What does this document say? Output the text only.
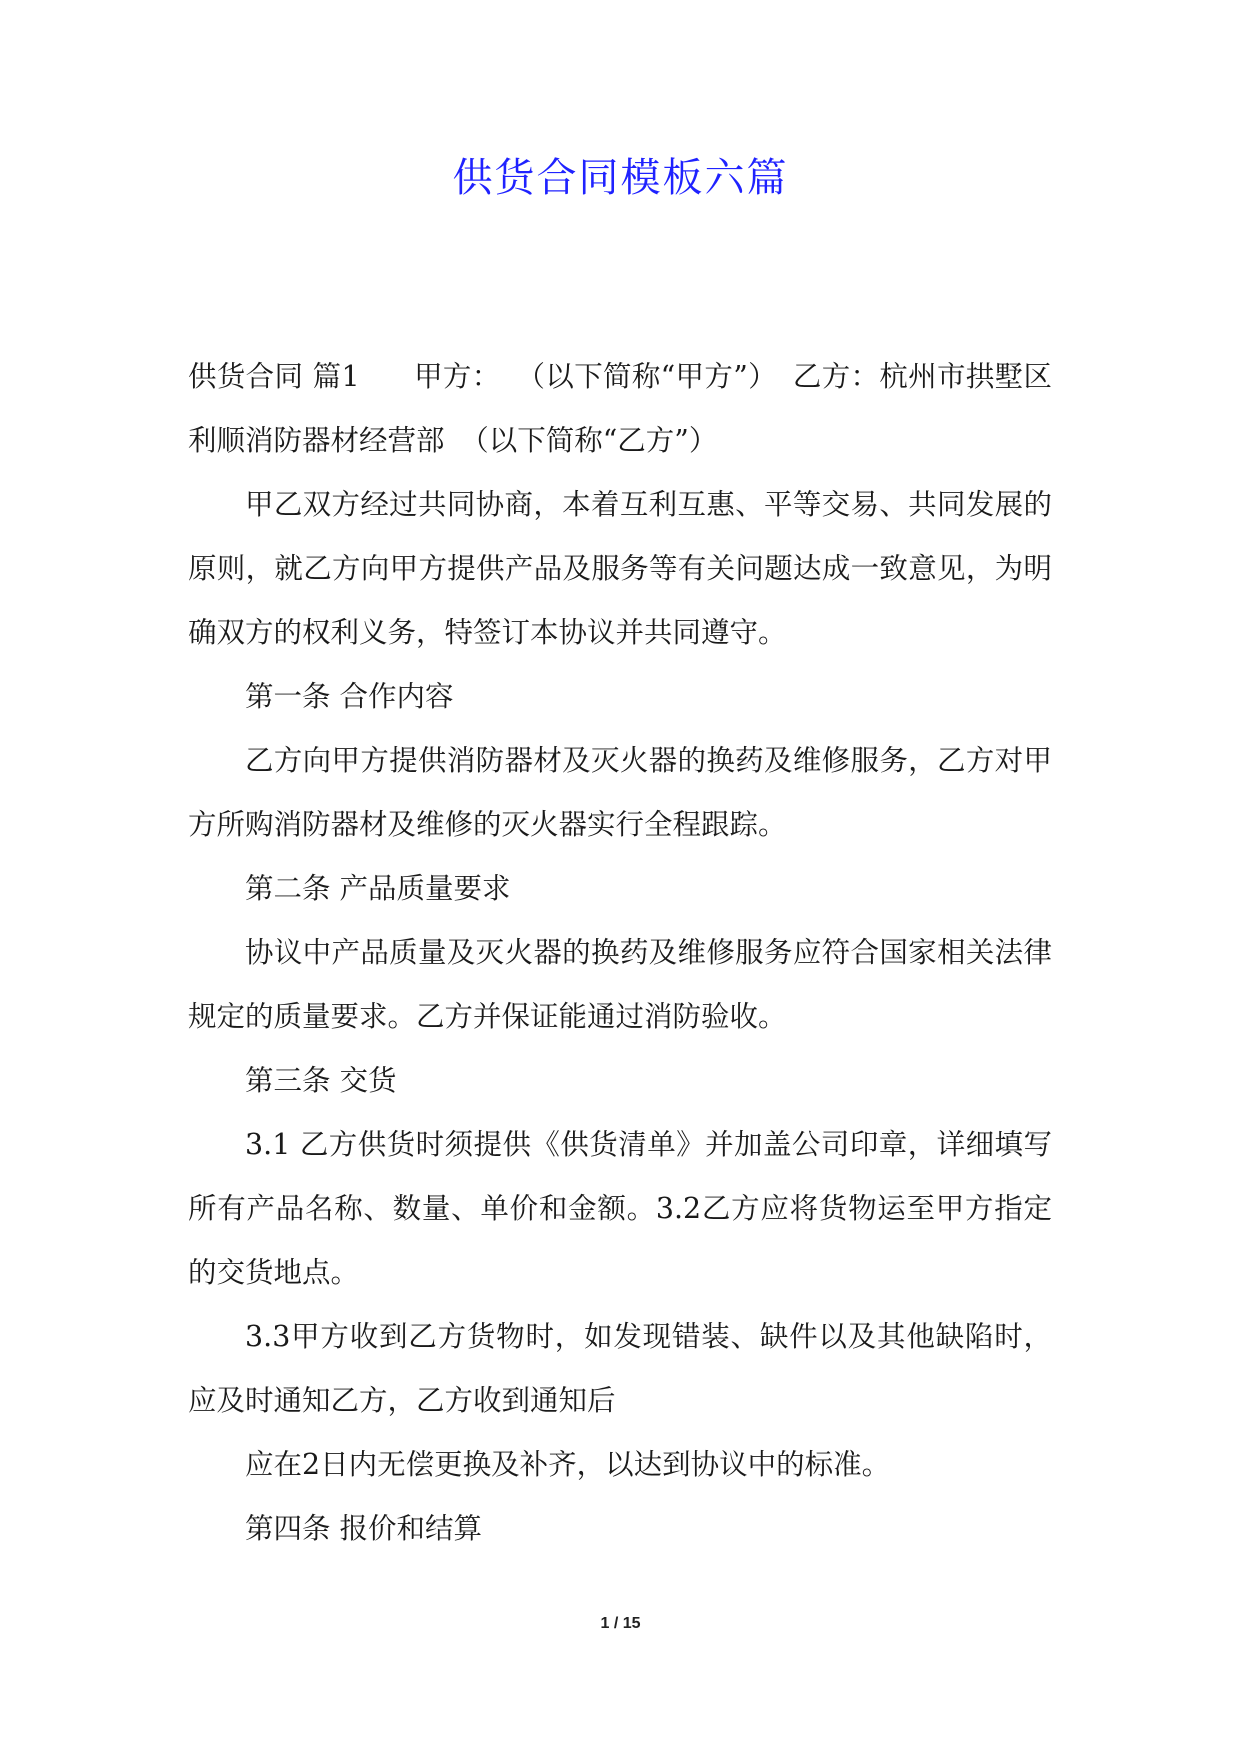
供货合同模板六篇

供货合同 篇1 甲方： （以下简称“甲方”） 乙方：杭州市拱墅区利顺消防器材经营部 （以下简称“乙方”）

甲乙双方经过共同协商，本着互利互惠、平等交易、共同发展的原则，就乙方向甲方提供产品及服务等有关问题达成一致意见，为明确双方的权利义务，特签订本协议并共同遵守。

第一条 合作内容

乙方向甲方提供消防器材及灭火器的换药及维修服务，乙方对甲方所购消防器材及维修的灭火器实行全程跟踪。

第二条 产品质量要求

协议中产品质量及灭火器的换药及维修服务应符合国家相关法律规定的质量要求。乙方并保证能通过消防验收。

第三条 交货

3.1 乙方供货时须提供《供货清单》并加盖公司印章，详细填写所有产品名称、数量、单价和金额。3.2乙方应将货物运至甲方指定的交货地点。

3.3甲方收到乙方货物时，如发现错装、缺件以及其他缺陷时，应及时通知乙方，乙方收到通知后

应在2日内无偿更换及补齐，以达到协议中的标准。

第四条 报价和结算

1 / 15
